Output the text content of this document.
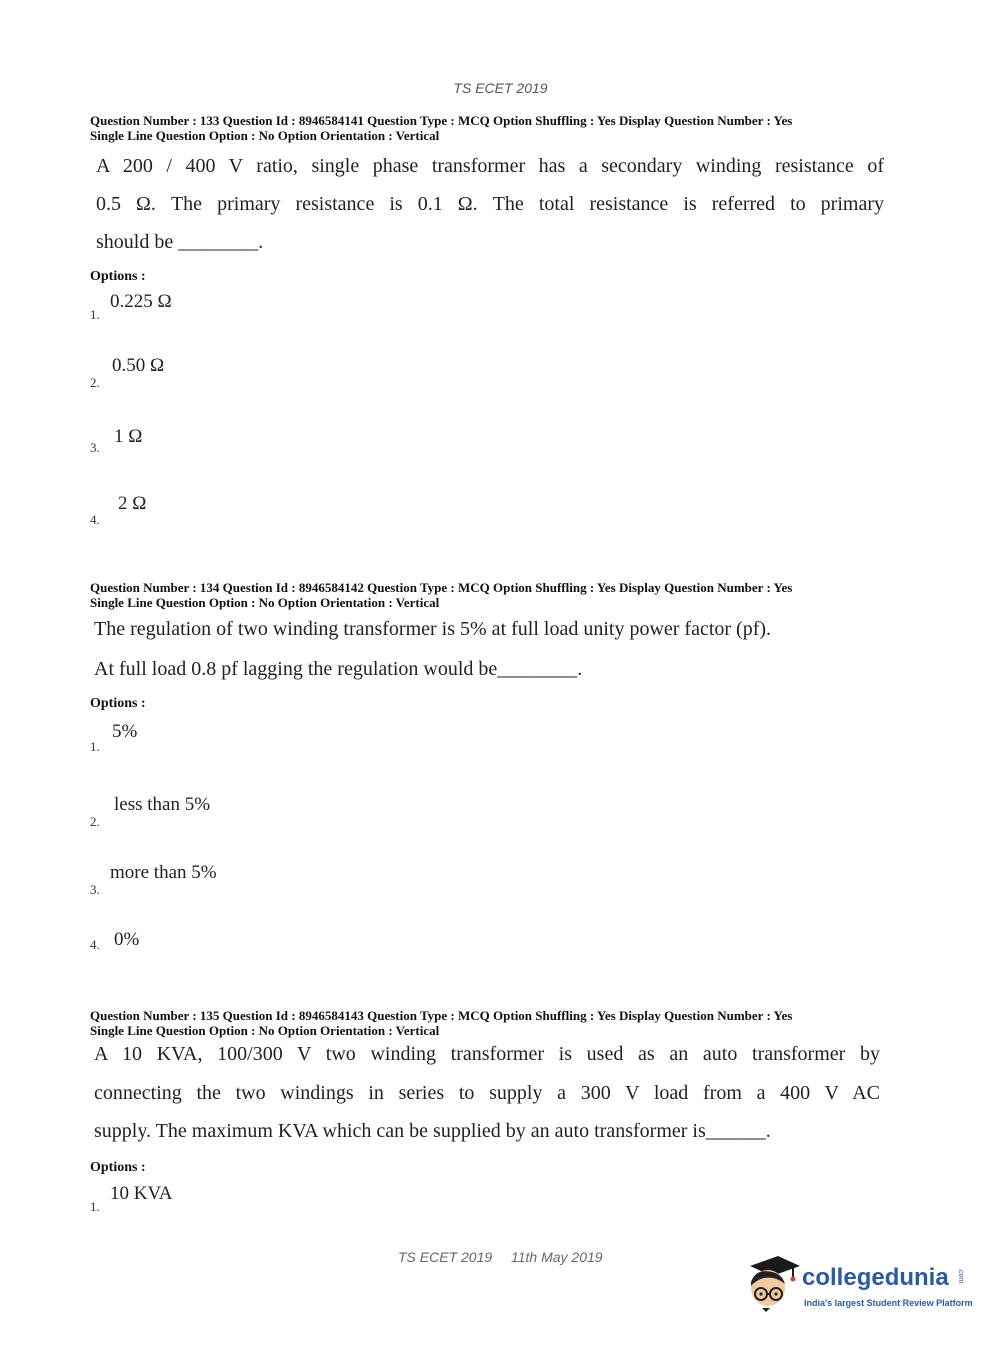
TS ECET 2019
Question Number : 133 Question Id : 8946584141 Question Type : MCQ Option Shuffling : Yes Display Question Number : Yes
Single Line Question Option : No Option Orientation : Vertical
A 200 / 400 V ratio, single phase transformer has a secondary winding resistance of
0.5 Ω. The primary resistance is 0.1 Ω. The total resistance is referred to primary
should be ________.
Options :
1.
0.225 Ω
2.
0.50 Ω
3.
1 Ω
4.
2 Ω
Question Number : 134 Question Id : 8946584142 Question Type : MCQ Option Shuffling : Yes Display Question Number : Yes
Single Line Question Option : No Option Orientation : Vertical
The regulation of two winding transformer is 5% at full load unity power factor (pf).
At full load 0.8 pf lagging the regulation would be________.
Options :
1.
5%
2.
less than 5%
3.
more than 5%
4. 0%
Question Number : 135 Question Id : 8946584143 Question Type : MCQ Option Shuffling : Yes Display Question Number : Yes
Single Line Question Option : No Option Orientation : Vertical
A 10 KVA, 100/300 V two winding transformer is used as an auto transformer by
connecting the two windings in series to supply a 300 V load from a 400 V AC
supply. The maximum KVA which can be supplied by an auto transformer is______.
Options :
1.
10 KVA
TS ECET 2019 11th May 2019
collegedunia .com
India's largest Student Review Platform
